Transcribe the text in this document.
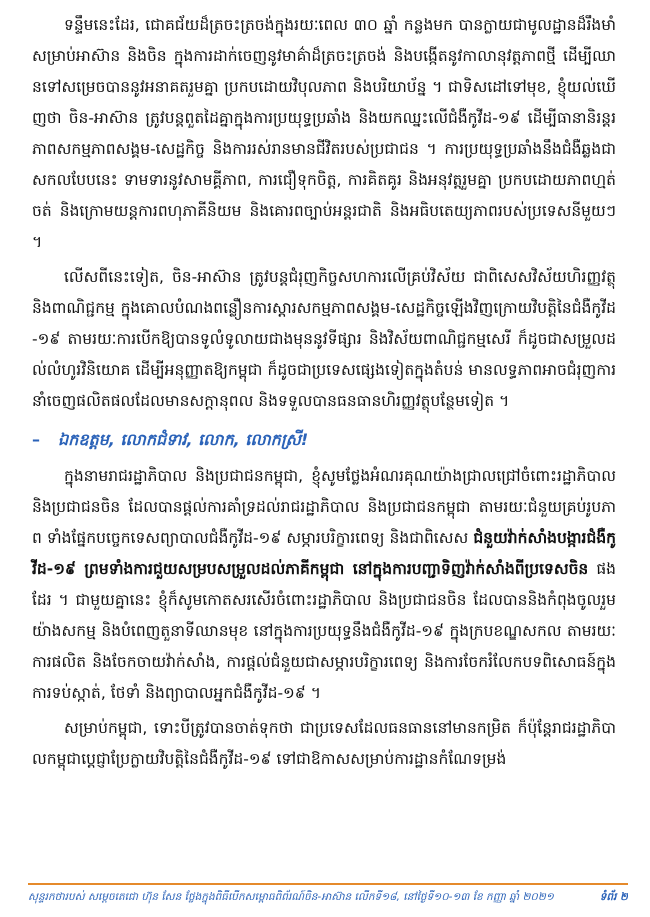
ទន្ទឹមនេះដែរ, ជោគជ័យដ៏ត្រចះត្រចង់ក្នុងរយៈពេល ៣០ ឆ្នាំ កន្លងមក បានក្លាយជាមូលដ្ឋានដ៏រឹងមាំសម្រាប់អាស៊ាន និងចិន ក្នុងការដាក់ចេញនូវមាគ៌ាដ៏ត្រចះត្រចង់ និងបង្កើតនូវកាលានុវត្តភាពថ្មី ដើម្បីឈានទៅសម្រេចបាននូវអនាគតរួមគ្នា ប្រកបដោយវិបុលភាព និងបរិយាប័ន្ន ។ ជាទិសដៅទៅមុខ, ខ្ញុំយល់ឃើញថា ចិន-អាស៊ាន ត្រូវបន្តពួតដៃគ្នាក្នុងការប្រយុទ្ធប្រឆាំង និងយកឈ្នះលើជំងឺកូវីដ-១៩ ដើម្បីធានានិរន្តរភាពសកម្មភាពសង្គម-សេដ្ឋកិច្ច និងការរស់រានមានជីវិតរបស់ប្រជាជន ។ ការប្រយុទ្ធប្រឆាំងនឹងជំងឺឆ្លងជាសកលបែបនេះ ទាមទារនូវសាមគ្គីភាព, ការជឿទុកចិត្ត, ការគិតគូរ និងអនុវត្តរួមគ្នា ប្រកបដោយភាពហ្មត់ចត់ និងក្រោមយន្តការពហុភាគីនិយម និងគោរពច្បាប់អន្តរជាតិ និងអធិបតេយ្យភាពរបស់ប្រទេសនីមួយៗ ។

លើសពីនេះទៀត, ចិន-អាស៊ាន ត្រូវបន្តជំរុញកិច្ចសហការលើគ្រប់វិស័យ ជាពិសេសវិស័យហិរញ្ញវត្ថុ និងពាណិជ្ជកម្ម ក្នុងគោលបំណងពន្លឿនការស្តារសកម្មភាពសង្គម-សេដ្ឋកិច្ចឡើងវិញក្រោយវិបត្តិនៃជំងឺកូវីដ-១៩ តាមរយៈការបើកឱ្យបានទូលំទូលាយជាងមុននូវទីផ្សារ និងវិស័យពាណិជ្ជកម្មសេរី ក៏ដូចជាសម្រួលដល់លំហូរវិនិយោគ ដើម្បីអនុញ្ញាតឱ្យកម្ពុជា ក៏ដូចជាប្រទេសផ្សេងទៀតក្នុងតំបន់ មានលទ្ធភាពអាចជំរុញការនាំចេញផលិតផលដែលមានសក្តានុពល និងទទួលបានធនធានហិរញ្ញវត្ថុបន្ថែមទៀត ។

– ឯកឧត្តម, លោកជំទាវ, លោក, លោកស្រី!

ក្នុងនាមរាជរដ្ឋាភិបាល និងប្រជាជនកម្ពុជា, ខ្ញុំសូមថ្លែងអំណរគុណយ៉ាងជ្រាលជ្រៅចំពោះរដ្ឋាភិបាល និងប្រជាជនចិន ដែលបានផ្តល់ការគាំទ្រដល់រាជរដ្ឋាភិបាល និងប្រជាជនកម្ពុជា តាមរយៈជំនួយគ្រប់រូបភាព ទាំងផ្នែកបច្ចេកទេសព្យាបាលជំងឺកូវីដ-១៩ សម្ភារបរិក្ខារពេទ្យ និងជាពិសេស ជំនួយវ៉ាក់សាំងបង្ការជំងឺកូវីដ-១៩ ព្រមទាំងការជួយសម្របសម្រួលដល់ភាគីកម្ពុជា នៅក្នុងការបញ្ជាទិញវ៉ាក់សាំងពីប្រទេសចិន ផងដែរ ។ ជាមួយគ្នានេះ ខ្ញុំក៏សូមកោតសរសើរចំពោះរដ្ឋាភិបាល និងប្រជាជនចិន ដែលបាននិងកំពុងចូលរួមយ៉ាងសកម្ម និងបំពេញតួនាទីឈានមុខ នៅក្នុងការប្រយុទ្ធនឹងជំងឺកូវីដ-១៩ ក្នុងក្របខណ្ឌសកល តាមរយៈការផលិត និងចែកចាយវ៉ាក់សាំង, ការផ្តល់ជំនួយជាសម្ភារបរិក្ខារពេទ្យ និងការចែករំលែកបទពិសោធន៍ក្នុងការទប់ស្កាត់, ថែទាំ និងព្យាបាលអ្នកជំងឺកូវីដ-១៩ ។

សម្រាប់កម្ពុជា, ទោះបីត្រូវបានចាត់ទុកថា ជាប្រទេសដែលធនធាននៅមានកម្រិត ក៏ប៉ុន្តែរាជរដ្ឋាភិបាលកម្ពុជាប្តេជ្ញាប្រែក្លាយវិបត្តិនៃជំងឺកូវីដ-១៩ ទៅជាឱកាសសម្រាប់ការដ្ឋានកំណែទម្រង់

សុន្ទរកថារបស់ សម្តេចតេជោ ហ៊ុន សែន ថ្លែងក្នុងពិធីបើកសម្ពោធពិព័រណ៍ចិន-អាស៊ាន លើកទី១៨, នៅថ្ងៃទី១០-១៣ ខែ កញ្ញា ឆ្នាំ ២០២១	ទំព័រ ២
